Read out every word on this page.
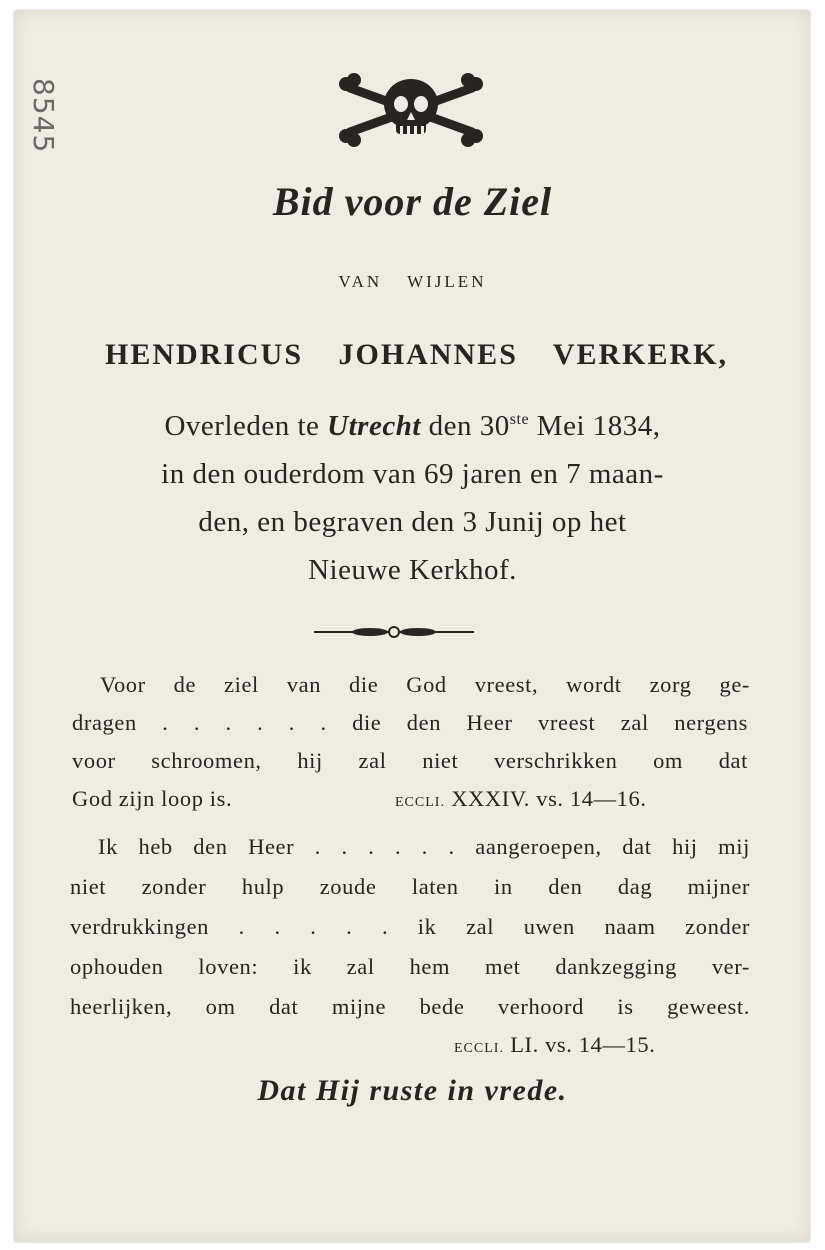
8545
Bid voor de Ziel
VAN WIJLEN
HENDRICUS JOHANNES VERKERK,
Overleden te Utrecht den 30ste Mei 1834,
in den ouderdom van 69 jaren en 7 maan-
den, en begraven den 3 Junij op het
Nieuwe Kerkhof.
Voor de ziel van die God vreest, wordt zorg ge-
dragen . . . . . . die den Heer vreest zal nergens
voor schroomen, hij zal niet verschrikken om dat
God zijn loop is.	ECCLI. XXXIV. vs. 14—16.
Ik heb den Heer . . . . . . aangeroepen, dat hij mij
niet zonder hulp zoude laten in den dag mijner
verdrukkingen . . . . . ik zal uwen naam zonder
ophouden loven: ik zal hem met dankzegging ver-
heerlijken, om dat mijne bede verhoord is geweest.
ECCLI. LI. vs. 14—15.
Dat Hij ruste in vrede.
